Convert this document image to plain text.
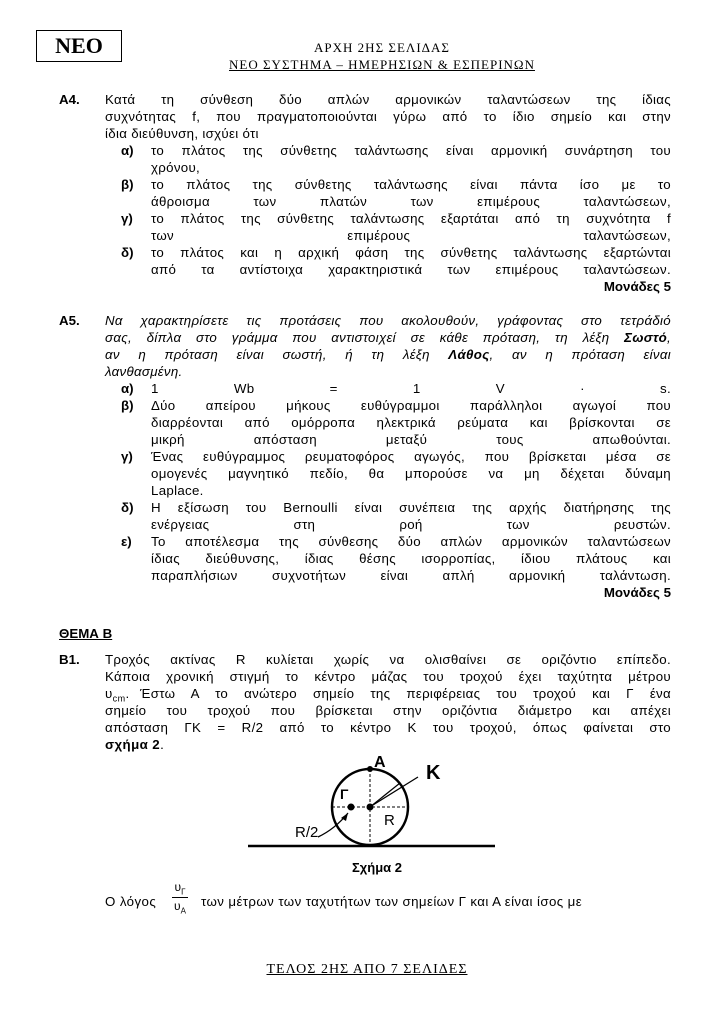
ΝΕΟ	ΑΡΧΗ 2ΗΣ ΣΕΛΙΔΑΣ
ΝΕΟ ΣΥΣΤΗΜΑ – ΗΜΕΡΗΣΙΩΝ & ΕΣΠΕΡΙΝΩΝ
Α4. Κατά τη σύνθεση δύο απλών αρμονικών ταλαντώσεων της ίδιας
συχνότητας f, που πραγματοποιούνται γύρω από το ίδιο σημείο και στην
ίδια διεύθυνση, ισχύει ότι
α) το πλάτος της σύνθετης ταλάντωσης είναι αρμονική συνάρτηση του
χρόνου,
β) το πλάτος της σύνθετης ταλάντωσης είναι πάντα ίσο με το
άθροισμα των πλατών των επιμέρους ταλαντώσεων,
γ) το πλάτος της σύνθετης ταλάντωσης εξαρτάται από τη συχνότητα f
των επιμέρους ταλαντώσεων,
δ) το πλάτος και η αρχική φάση της σύνθετης ταλάντωσης εξαρτώνται
από τα αντίστοιχα χαρακτηριστικά των επιμέρους ταλαντώσεων.
Μονάδες 5
Α5. Να χαρακτηρίσετε τις προτάσεις που ακολουθούν, γράφοντας στο τετράδιό
σας, δίπλα στο γράμμα που αντιστοιχεί σε κάθε πρόταση, τη λέξη Σωστό,
αν η πρόταση είναι σωστή, ή τη λέξη Λάθος, αν η πρόταση είναι
λανθασμένη.
α) 1 Wb = 1 V · s.
β) Δύο απείρου μήκους ευθύγραμμοι παράλληλοι αγωγοί που
διαρρέονται από ομόρροπα ηλεκτρικά ρεύματα και βρίσκονται σε
μικρή απόσταση μεταξύ τους απωθούνται.
γ) Ένας ευθύγραμμος ρευματοφόρος αγωγός, που βρίσκεται μέσα σε
ομογενές μαγνητικό πεδίο, θα μπορούσε να μη δέχεται δύναμη
Laplace.
δ) Η εξίσωση του Bernoulli είναι συνέπεια της αρχής διατήρησης της
ενέργειας στη ροή των ρευστών.
ε) Το αποτέλεσμα της σύνθεσης δύο απλών αρμονικών ταλαντώσεων
ίδιας διεύθυνσης, ίδιας θέσης ισορροπίας, ίδιου πλάτους και
παραπλήσιων συχνοτήτων είναι απλή αρμονική ταλάντωση.
Μονάδες 5
ΘΕΜΑ Β
Β1. Τροχός ακτίνας R κυλίεται χωρίς να ολισθαίνει σε οριζόντιο επίπεδο.
Κάποια χρονική στιγμή το κέντρο μάζας του τροχού έχει ταχύτητα μέτρου
$\upsilon_{cm}$. Έστω Α το ανώτερο σημείο της περιφέρειας του τροχού και Γ ένα
σημείο του τροχού που βρίσκεται στην οριζόντια διάμετρο και απέχει
απόσταση ΓΚ = R/2 από το κέντρο Κ του τροχού, όπως φαίνεται στο
σχήμα 2.
A K
Γ
R
R/2
Σχήμα 2
Ο λόγος $\frac{\upsilon_\Gamma}{\upsilon_A}$ των μέτρων των ταχυτήτων των σημείων Γ και Α είναι ίσος με
ΤΕΛΟΣ 2ΗΣ ΑΠΟ 7 ΣΕΛΙΔΕΣ
